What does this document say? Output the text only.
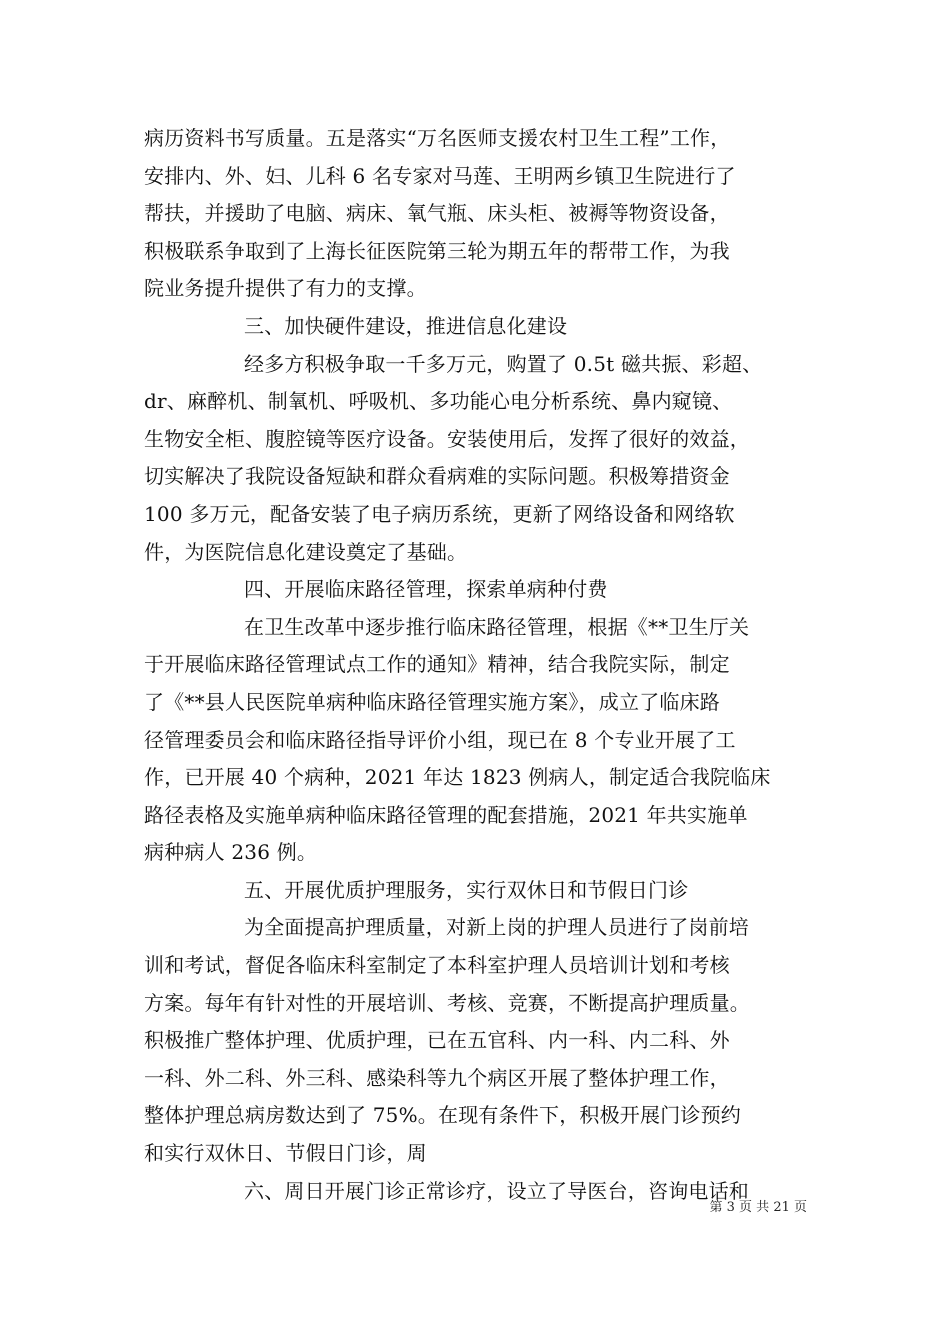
病历资料书写质量。五是落实“万名医师支援农村卫生工程”工作，
安排内、外、妇、儿科 6 名专家对马莲、王明两乡镇卫生院进行了
帮扶，并援助了电脑、病床、氧气瓶、床头柜、被褥等物资设备，
积极联系争取到了上海长征医院第三轮为期五年的帮带工作，为我
院业务提升提供了有力的支撑。
三、加快硬件建设，推进信息化建设
经多方积极争取一千多万元，购置了 0.5t 磁共振、彩超、
dr、麻醉机、制氧机、呼吸机、多功能心电分析系统、鼻内窥镜、
生物安全柜、腹腔镜等医疗设备。安装使用后，发挥了很好的效益，
切实解决了我院设备短缺和群众看病难的实际问题。积极筹措资金
100 多万元，配备安装了电子病历系统，更新了网络设备和网络软
件，为医院信息化建设奠定了基础。
四、开展临床路径管理，探索单病种付费
在卫生改革中逐步推行临床路径管理，根据《**卫生厅关
于开展临床路径管理试点工作的通知》精神，结合我院实际，制定
了《**县人民医院单病种临床路径管理实施方案》，成立了临床路
径管理委员会和临床路径指导评价小组，现已在 8 个专业开展了工
作，已开展 40 个病种，2021 年达 1823 例病人，制定适合我院临床
路径表格及实施单病种临床路径管理的配套措施，2021 年共实施单
病种病人 236 例。
五、开展优质护理服务，实行双休日和节假日门诊
为全面提高护理质量，对新上岗的护理人员进行了岗前培
训和考试，督促各临床科室制定了本科室护理人员培训计划和考核
方案。每年有针对性的开展培训、考核、竞赛，不断提高护理质量。
积极推广整体护理、优质护理，已在五官科、内一科、内二科、外
一科、外二科、外三科、感染科等九个病区开展了整体护理工作，
整体护理总病房数达到了 75%。在现有条件下，积极开展门诊预约
和实行双休日、节假日门诊，周
六、周日开展门诊正常诊疗，设立了导医台，咨询电话和
第 3 页 共 21 页
